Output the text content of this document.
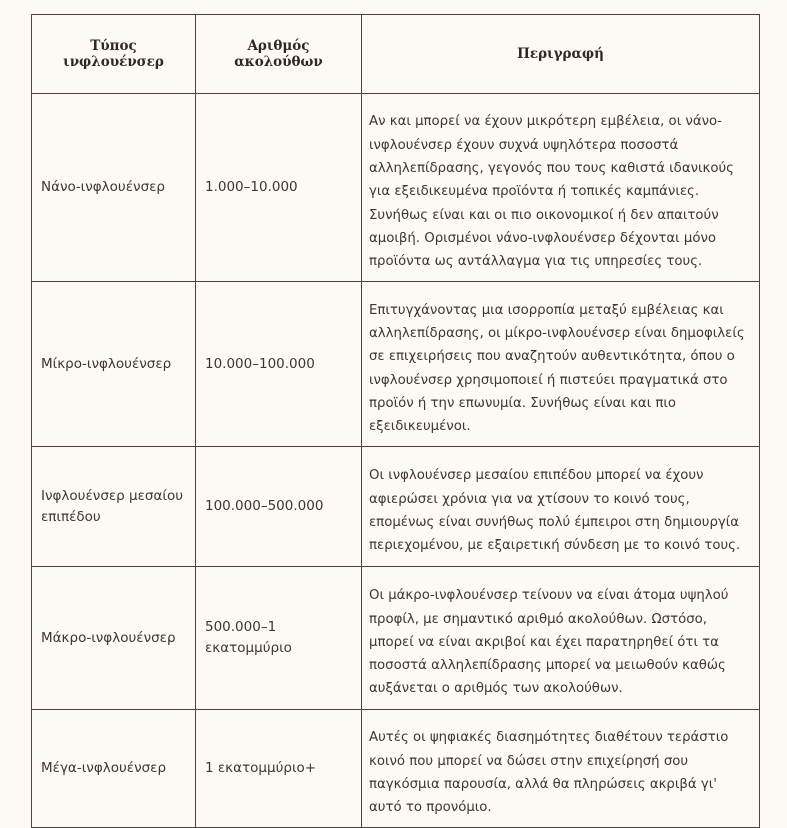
Τύπος ινφλουένσερ	Αριθμός ακολούθων	Περιγραφή
Νάνο-ινφλουένσερ	1.000–10.000	Αν και μπορεί να έχουν μικρότερη εμβέλεια, οι νάνο-ινφλουένσερ έχουν συχνά υψηλότερα ποσοστά αλληλεπίδρασης, γεγονός που τους καθιστά ιδανικούς για εξειδικευμένα προϊόντα ή τοπικές καμπάνιες. Συνήθως είναι και οι πιο οικονομικοί ή δεν απαιτούν αμοιβή. Ορισμένοι νάνο-ινφλουένσερ δέχονται μόνο προϊόντα ως αντάλλαγμα για τις υπηρεσίες τους.
Μίκρο-ινφλουένσερ	10.000–100.000	Επιτυγχάνοντας μια ισορροπία μεταξύ εμβέλειας και αλληλεπίδρασης, οι μίκρο-ινφλουένσερ είναι δημοφιλείς σε επιχειρήσεις που αναζητούν αυθεντικότητα, όπου ο ινφλουένσερ χρησιμοποιεί ή πιστεύει πραγματικά στο προϊόν ή την επωνυμία. Συνήθως είναι και πιο εξειδικευμένοι.
Ινφλουένσερ μεσαίου επιπέδου	100.000–500.000	Οι ινφλουένσερ μεσαίου επιπέδου μπορεί να έχουν αφιερώσει χρόνια για να χτίσουν το κοινό τους, επομένως είναι συνήθως πολύ έμπειροι στη δημιουργία περιεχομένου, με εξαιρετική σύνδεση με το κοινό τους.
Μάκρο-ινφλουένσερ	500.000–1 εκατομμύριο	Οι μάκρο-ινφλουένσερ τείνουν να είναι άτομα υψηλού προφίλ, με σημαντικό αριθμό ακολούθων. Ωστόσο, μπορεί να είναι ακριβοί και έχει παρατηρηθεί ότι τα ποσοστά αλληλεπίδρασης μπορεί να μειωθούν καθώς αυξάνεται ο αριθμός των ακολούθων.
Μέγα-ινφλουένσερ	1 εκατομμύριο+	Αυτές οι ψηφιακές διασημότητες διαθέτουν τεράστιο κοινό που μπορεί να δώσει στην επιχείρησή σου παγκόσμια παρουσία, αλλά θα πληρώσεις ακριβά γι' αυτό το προνόμιο.
